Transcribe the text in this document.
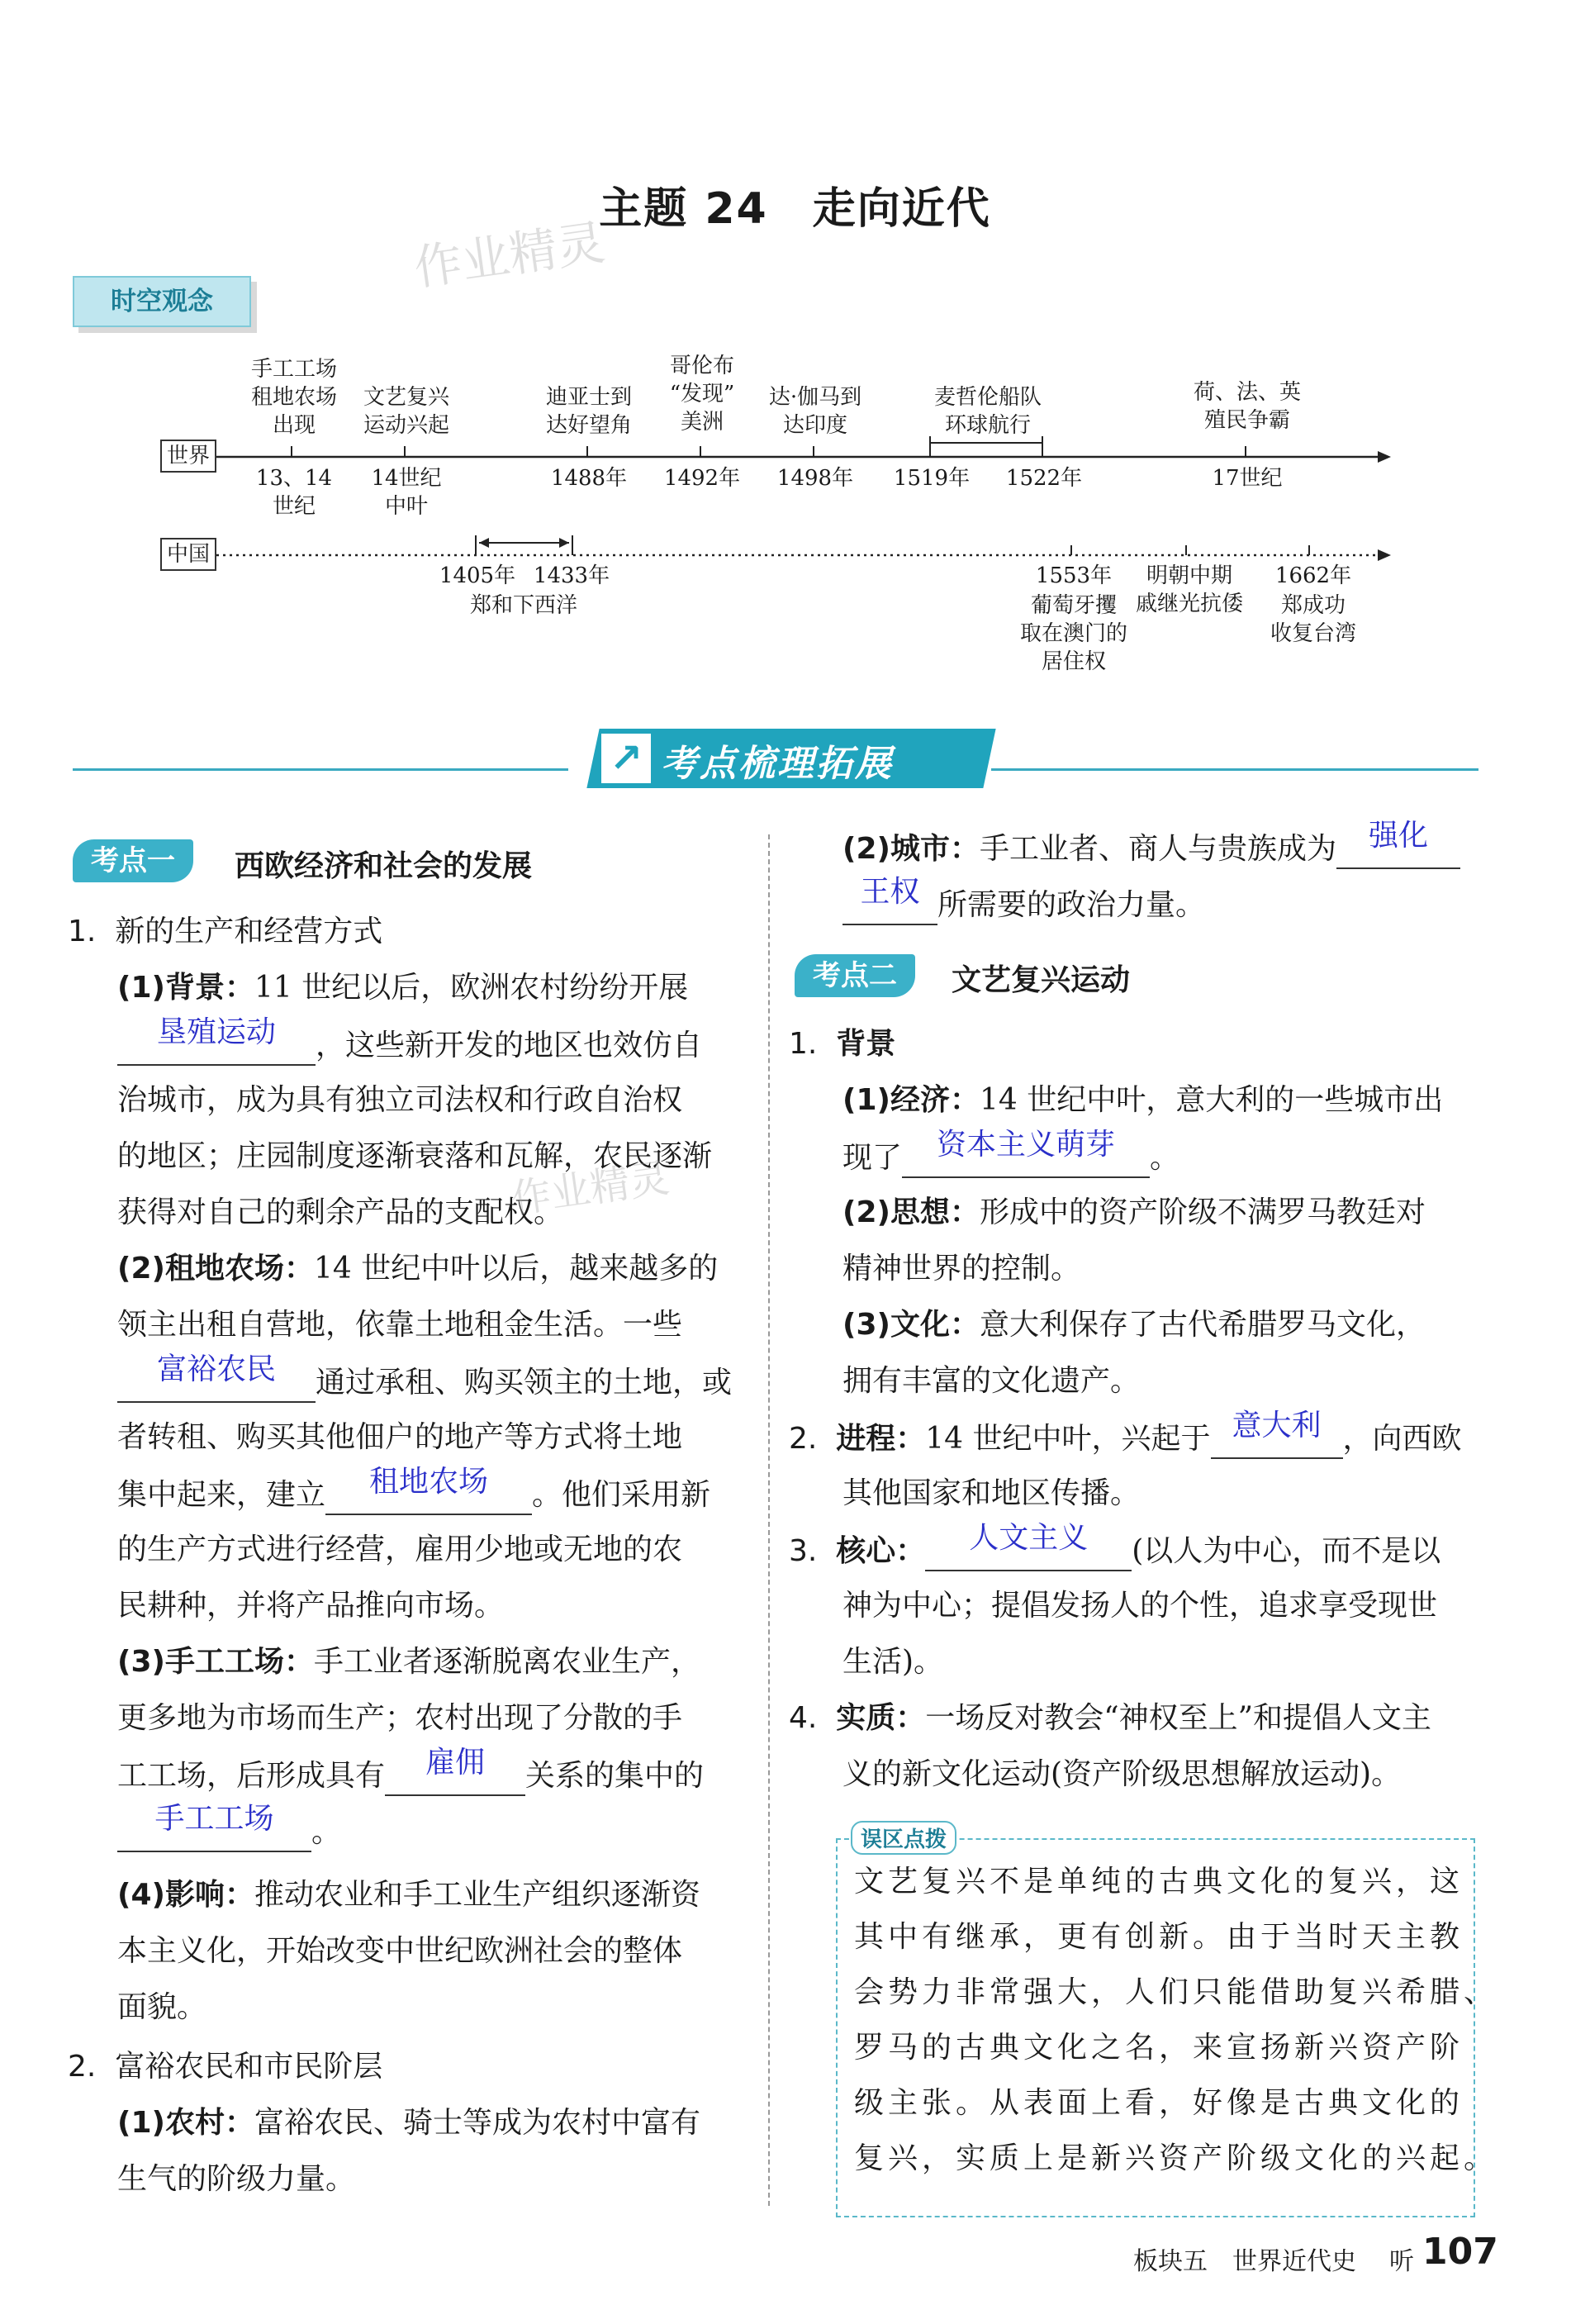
主题 24　走向近代
作业精灵
时空观念
世界
中国
手工工场
租地农场
出现
13、14
世纪
文艺复兴
运动兴起
14世纪
中叶
迪亚士到
达好望角
1488年
哥伦布
“发现”
美洲
1492年
达·伽马到
达印度
1498年
麦哲伦船队
环球航行
1519年 1522年
荷、法、英
殖民争霸
17世纪
1405年 1433年
郑和下西洋
1553年
葡萄牙攫
取在澳门的
居住权
明朝中期
戚继光抗倭
1662年
郑成功
收复台湾
↗ 考点梳理拓展
考点一	西欧经济和社会的发展
1.  新的生产和经营方式
(1)背景：11 世纪以后，欧洲农村纷纷开展
垦殖运动	，这些新开发的地区也效仿自
治城市，成为具有独立司法权和行政自治权
的地区；庄园制度逐渐衰落和瓦解，农民逐渐
获得对自己的剩余产品的支配权。
作业精灵
(2)租地农场：14 世纪中叶以后，越来越多的
领主出租自营地，依靠土地租金生活。一些
富裕农民	通过承租、购买领主的土地，或
者转租、购买其他佃户的地产等方式将土地
集中起来，建立	租地农场	。他们采用新
的生产方式进行经营，雇用少地或无地的农
民耕种，并将产品推向市场。
(3)手工工场：手工业者逐渐脱离农业生产，
更多地为市场而生产；农村出现了分散的手
工工场，后形成具有	雇佣	关系的集中的
手工工场	。
(4)影响：推动农业和手工业生产组织逐渐资
本主义化，开始改变中世纪欧洲社会的整体
面貌。
2.  富裕农民和市民阶层
(1)农村：富裕农民、骑士等成为农村中富有
生气的阶级力量。
(2)城市：手工业者、商人与贵族成为	强化
王权 所需要的政治力量。
考点二	文艺复兴运动
1.  背景
(1)经济：14 世纪中叶，意大利的一些城市出
现了	资本主义萌芽	。
(2)思想：形成中的资产阶级不满罗马教廷对
精神世界的控制。
(3)文化：意大利保存了古代希腊罗马文化，
拥有丰富的文化遗产。
2.  进程：14 世纪中叶，兴起于 意大利 ，向西欧
其他国家和地区传播。
3.  核心：	人文主义	(以人为中心，而不是以
神为中心；提倡发扬人的个性，追求享受现世
生活)。
4.  实质：一场反对教会“神权至上”和提倡人文主
义的新文化运动(资产阶级思想解放运动)。
误区点拨
文艺复兴不是单纯的古典文化的复兴，这
其中有继承，更有创新。由于当时天主教
会势力非常强大，人们只能借助复兴希腊、
罗马的古典文化之名，来宣扬新兴资产阶
级主张。从表面上看，好像是古典文化的
复兴，实质上是新兴资产阶级文化的兴起。
板块五　世界近代史 听 107
